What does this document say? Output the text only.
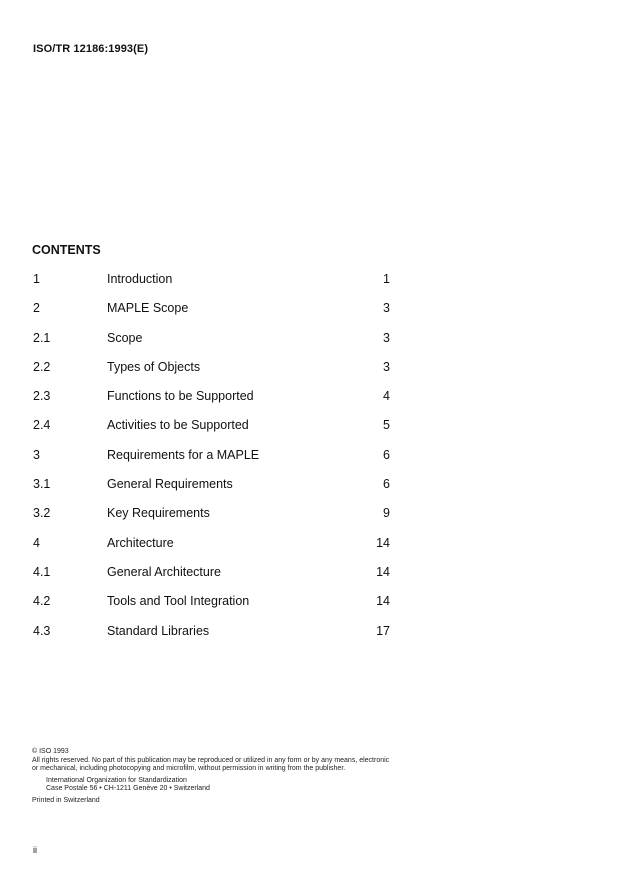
ISO/TR 12186:1993(E)
CONTENTS
1	Introduction	1
2	MAPLE Scope	3
2.1	Scope	3
2.2	Types of Objects	3
2.3	Functions to be Supported	4
2.4	Activities to be Supported	5
3	Requirements for a MAPLE	6
3.1	General Requirements	6
3.2	Key Requirements	9
4	Architecture	14
4.1	General Architecture	14
4.2	Tools and Tool Integration	14
4.3	Standard Libraries	17

© ISO 1993

All rights reserved. No part of this publication may be reproduced or utilized in any form or by any means, electronic or mechanical, including photocopying and microfilm, without permission in writing from the publisher.

International Organization for Standardization

Case Postale 56 • CH-1211 Genève 20 • Switzerland

Printed in Switzerland

ii
